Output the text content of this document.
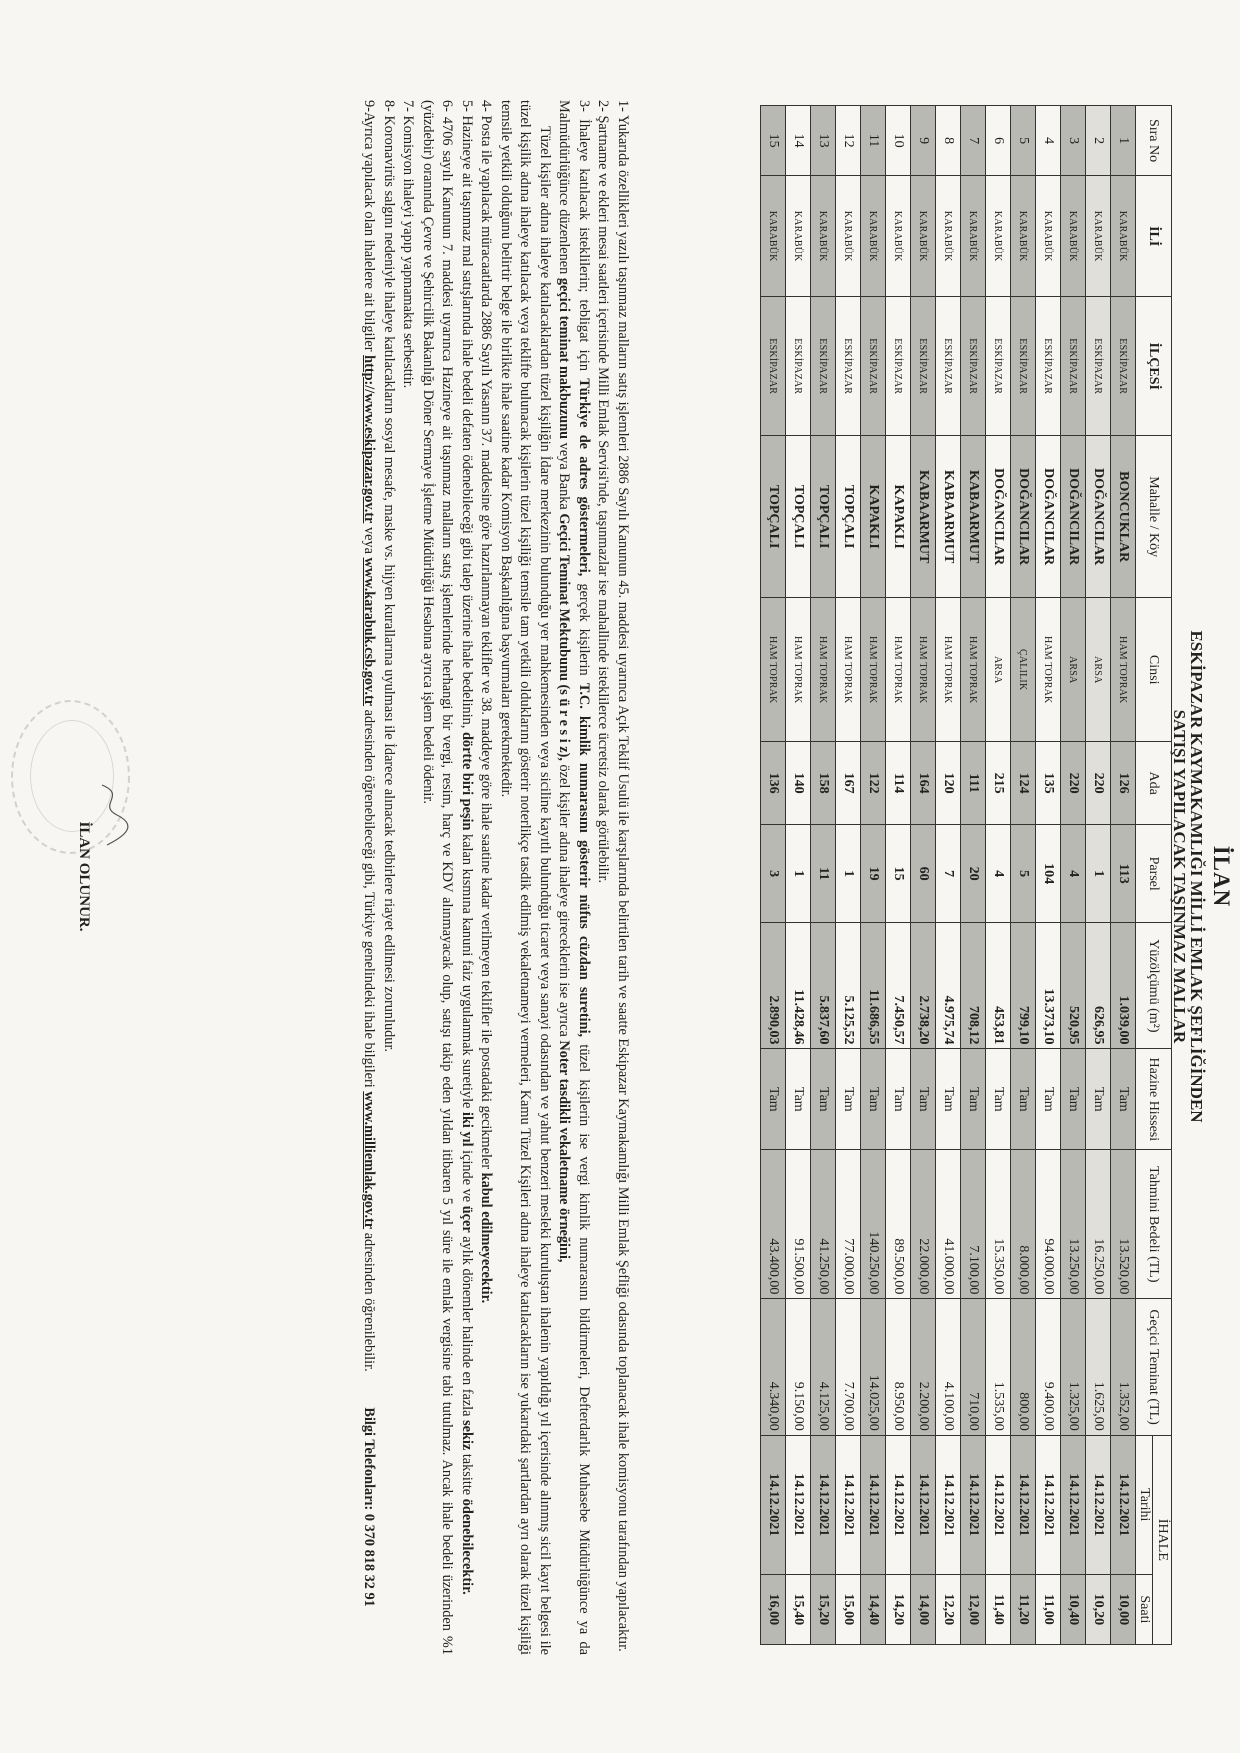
İLAN
ESKİPAZAR KAYMAKAMLIĞI MİLLİ EMLAK ŞEFLİĞİNDEN
SATIŞI YAPILACAK TAŞINMAZ MALLAR
Sıra No	İLİ	İLÇESİ	Mahalle / Köy	Cinsi	Ada	Parsel	Yüzölçümü (m²)	Hazine Hissesi	Tahmini Bedeli (TL)	Geçici Teminat (TL)	İHALE	
											Tarihi	Saati
1	KARABÜK	ESKİPAZAR	BONCUKLAR	HAM TOPRAK	126	113	1.039,00	Tam	13.520,00	1.352,00	14.12.2021	10,00
2	KARABÜK	ESKİPAZAR	DOĞANCILAR	ARSA	220	1	626,95	Tam	16.250,00	1.625,00	14.12.2021	10,20
3	KARABÜK	ESKİPAZAR	DOĞANCILAR	ARSA	220	4	520,95	Tam	13.250,00	1.325,00	14.12.2021	10,40
4	KARABÜK	ESKİPAZAR	DOĞANCILAR	HAM TOPRAK	135	104	13.373,10	Tam	94.000,00	9.400,00	14.12.2021	11,00
5	KARABÜK	ESKİPAZAR	DOĞANCILAR	ÇALILIK	124	5	799,10	Tam	8.000,00	800,00	14.12.2021	11,20
6	KARABÜK	ESKİPAZAR	DOĞANCILAR	ARSA	215	4	453,81	Tam	15.350,00	1.535,00	14.12.2021	11,40
7	KARABÜK	ESKİPAZAR	KABAARMUT	HAM TOPRAK	111	20	708,12	Tam	7.100,00	710,00	14.12.2021	12,00
8	KARABÜK	ESKİPAZAR	KABAARMUT	HAM TOPRAK	120	7	4.975,74	Tam	41.000,00	4.100,00	14.12.2021	12,20
9	KARABÜK	ESKİPAZAR	KABAARMUT	HAM TOPRAK	164	60	2.738,20	Tam	22.000,00	2.200,00	14.12.2021	14,00
10	KARABÜK	ESKİPAZAR	KAPAKLI	HAM TOPRAK	114	15	7.450,57	Tam	89.500,00	8.950,00	14.12.2021	14,20
11	KARABÜK	ESKİPAZAR	KAPAKLI	HAM TOPRAK	122	19	11.686,55	Tam	140.250,00	14.025,00	14.12.2021	14,40
12	KARABÜK	ESKİPAZAR	TOPÇALI	HAM TOPRAK	167	1	5.125,52	Tam	77.000,00	7.700,00	14.12.2021	15,00
13	KARABÜK	ESKİPAZAR	TOPÇALI	HAM TOPRAK	158	11	5.837,60	Tam	41.250,00	4.125,00	14.12.2021	15,20
14	KARABÜK	ESKİPAZAR	TOPÇALI	HAM TOPRAK	140	1	11.428,46	Tam	91.500,00	9.150,00	14.12.2021	15,40
15	KARABÜK	ESKİPAZAR	TOPÇALI	HAM TOPRAK	136	3	2.890,03	Tam	43.400,00	4.340,00	14.12.2021	16,00

1- Yukarıda özellikleri yazılı taşınmaz malların satış işlemleri 2886 Sayılı Kanunun 45. maddesi uyarınca Açık Teklif Usulü ile karşılarında belirtilen tarih ve saatte Eskipazar Kaymakamlığı Milli Emlak Şefliği odasında toplanacak ihale komisyonu tarafından yapılacaktır.

2- Şartname ve ekleri mesai saatleri içerisinde Milli Emlak Servisi'nde, taşınmazlar ise mahallinde isteklilerce ücretsiz olarak görülebilir.

3- İhaleye katılacak isteklilerin; tebligat için Türkiye de adres göstermeleri, gerçek kişilerin T.C. kimlik numarasını gösterir nüfus cüzdan suretini, tüzel kişilerin ise vergi kimlik numarasını bildirmeleri, Defterdarlık Muhasebe Müdürlüğünce ya da Malmüdürlüğünce düzenlenen geçici teminat makbuzunu veya Banka Geçici Teminat Mektubunu (s ü r e s i z), özel kişiler adına ihaleye girecеklerin ise ayrıca Noter tasdikli vekaletname örneğini,

Tüzel kişiler adına ihaleye katılacaklardan tüzel kişiliğin İdare merkezinin bulunduğu yer mahkemesinden veya siciline kayıtlı bulunduğu ticaret veya sanayi odasından ve yahut benzeri mesleki kuruluştan ihalenin yapıldığı yıl içerisinde alınmış sicil kayıt belgesi ile tüzel kişilik adına ihaleye katılacak veya teklifte bulunacak kişilerin tüzel kişiliği temsile tam yetkili olduklarını gösterir noterlikçe tasdik edilmiş vekaletnameyi vermeleri, Kamu Tüzel Kişileri adına ihaleye katılacakların ise yukarıdaki şartlardan ayrı olarak tüzel kişiliği temsile yetkili olduğunu belirtir belge ile birlikte ihale saatine kadar Komisyon Başkanlığına başvurmaları gerekmektedir.

4- Posta ile yapılacak müracaatlarda 2886 Sayılı Yasanın 37. maddesine göre hazırlanmayan teklifler ve 38. maddeye göre ihale saatine kadar verilmeyen teklifler ile postadaki gecikmeler kabul edilmeyecektir.

5- Hazineye ait taşınmaz mal satışlarında ihale bedeli defaten ödenebileceği gibi talep üzerine ihale bedelinin, dörtte biri peşin kalan kısmına kanuni faiz uygulanmak suretiyle iki yıl içinde ve üçer aylık dönemler halinde en fazla sekiz taksitte ödenebilecektir.

6- 4706 sayılı Kanunun 7. maddesi uyarınca Hazineye ait taşınmaz malların satış işlemlerinde herhangi bir vergi, resim, harç ve KDV alınmayacak olup, satışı takip eden yıldan itibaren 5 yıl süre ile emlak vergisine tabi tutulmaz. Ancak ihale bedeli üzerinden %1 (yüzdebir) oranında Çevre ve Şehircilik Bakanlığı Döner Sermaye İşletme Müdürlüğü Hesabına ayrıca işlem bedeli ödenir.

7- Komisyon ihaleyi yapıp yapmamakta serbesttir.

8- Koronavirüs salgını nedeniyle ihaleye katılacakların sosyal mesafe, maske vs. hijyen kurallarına uyulması ile İdarece alınacak tedbirlere riayet edilmesi zorunludur.

9-Ayrıca yapılacak olan ihalelere ait bilgiler http://www.eskipazar.gov.tr veya www.karabuk.csb.gov.tr adresinden öğrenebileceği gibi, Türkiye genelindeki ihale bilgileri www.milliemlak.gov.tr adresinden öğrenilebilir.          Bilgi Telefonları: 0 370 818 32 91

İLAN OLUNUR.
